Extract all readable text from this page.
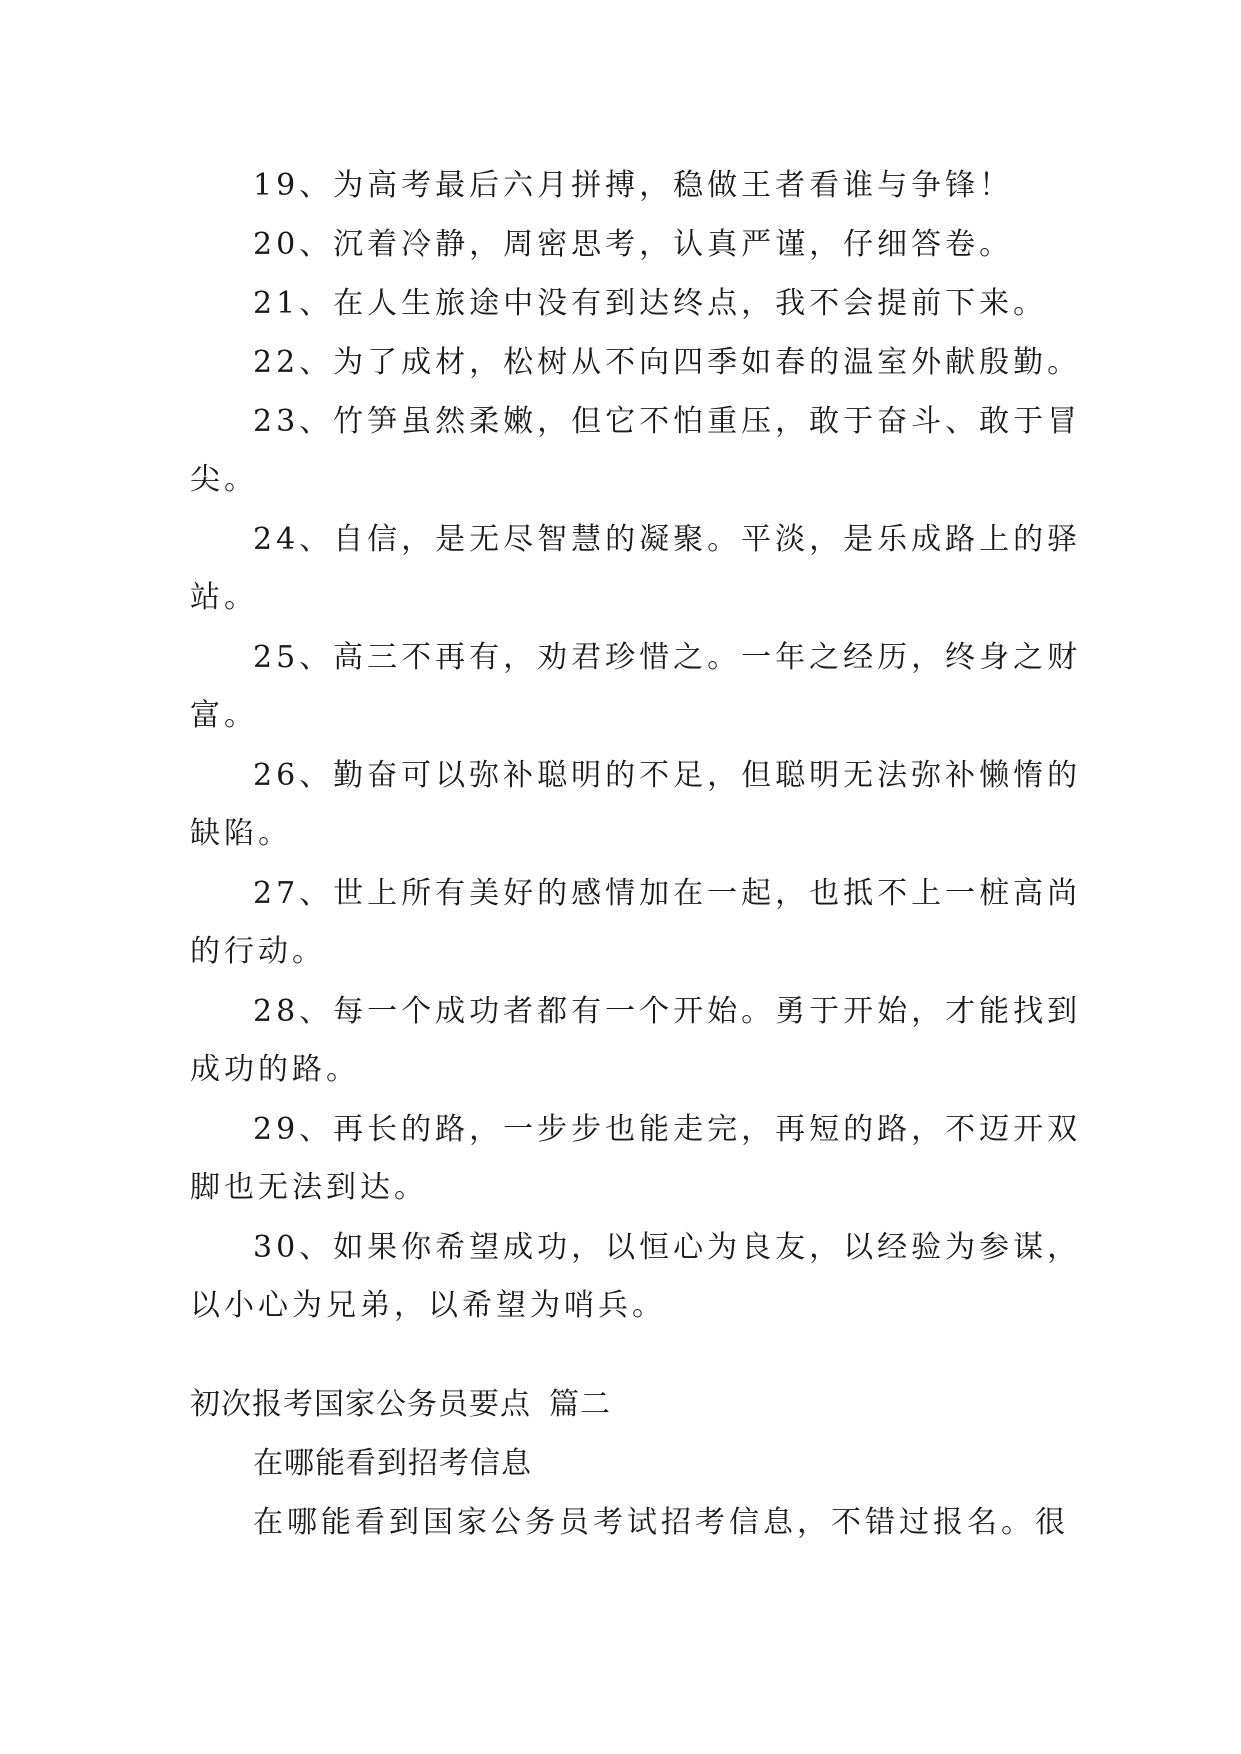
19、为高考最后六月拼搏，稳做王者看谁与争锋！
20、沉着冷静，周密思考，认真严谨，仔细答卷。
21、在人生旅途中没有到达终点，我不会提前下来。
22、为了成材，松树从不向四季如春的温室外献殷勤。
23、竹笋虽然柔嫩，但它不怕重压，敢于奋斗、敢于冒
尖。
24、自信，是无尽智慧的凝聚。平淡，是乐成路上的驿
站。
25、高三不再有，劝君珍惜之。一年之经历，终身之财
富。
26、勤奋可以弥补聪明的不足，但聪明无法弥补懒惰的
缺陷。
27、世上所有美好的感情加在一起，也抵不上一桩高尚
的行动。
28、每一个成功者都有一个开始。勇于开始，才能找到
成功的路。
29、再长的路，一步步也能走完，再短的路，不迈开双
脚也无法到达。
30、如果你希望成功，以恒心为良友，以经验为参谋，
以小心为兄弟，以希望为哨兵。
初次报考国家公务员要点 篇二
在哪能看到招考信息
在哪能看到国家公务员考试招考信息，不错过报名。很
